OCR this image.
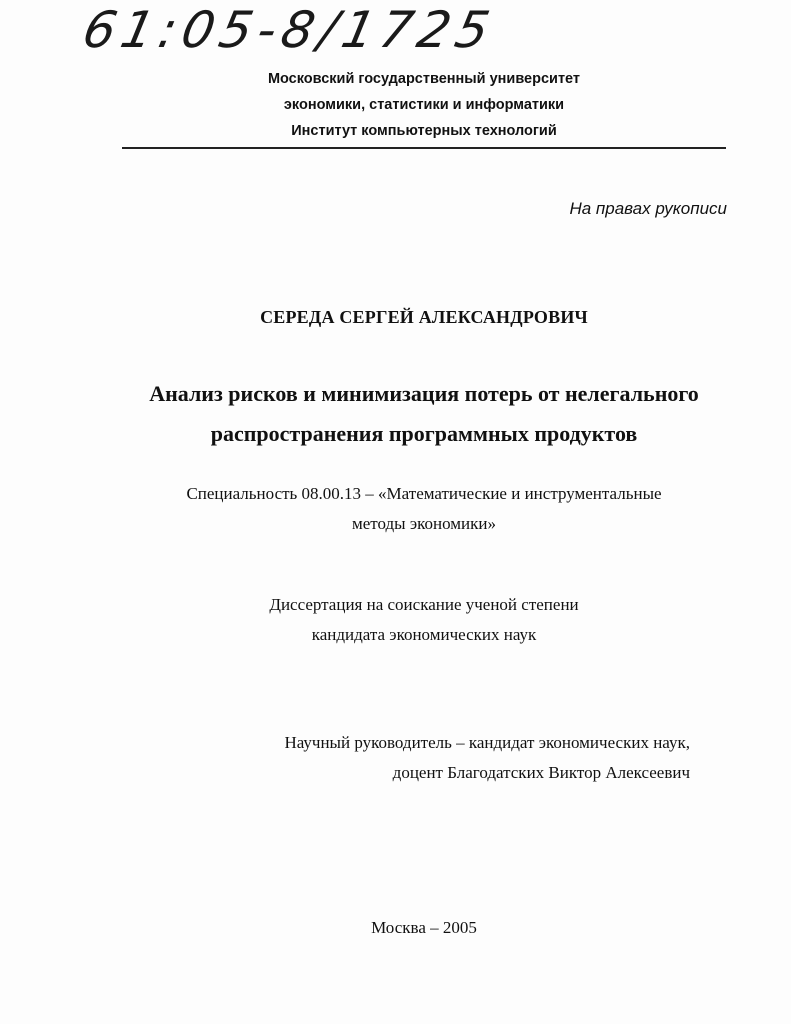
61:05-8/1725
Московский государственный университет
экономики, статистики и информатики
Институт компьютерных технологий
На правах рукописи
СЕРЕДА СЕРГЕЙ АЛЕКСАНДРОВИЧ
Анализ рисков и минимизация потерь от нелегального
распространения программных продуктов
Специальность 08.00.13 – «Математические и инструментальные
методы экономики»
Диссертация на соискание ученой степени
кандидата экономических наук
Научный руководитель – кандидат экономических наук,
доцент Благодатских Виктор Алексеевич
Москва – 2005
